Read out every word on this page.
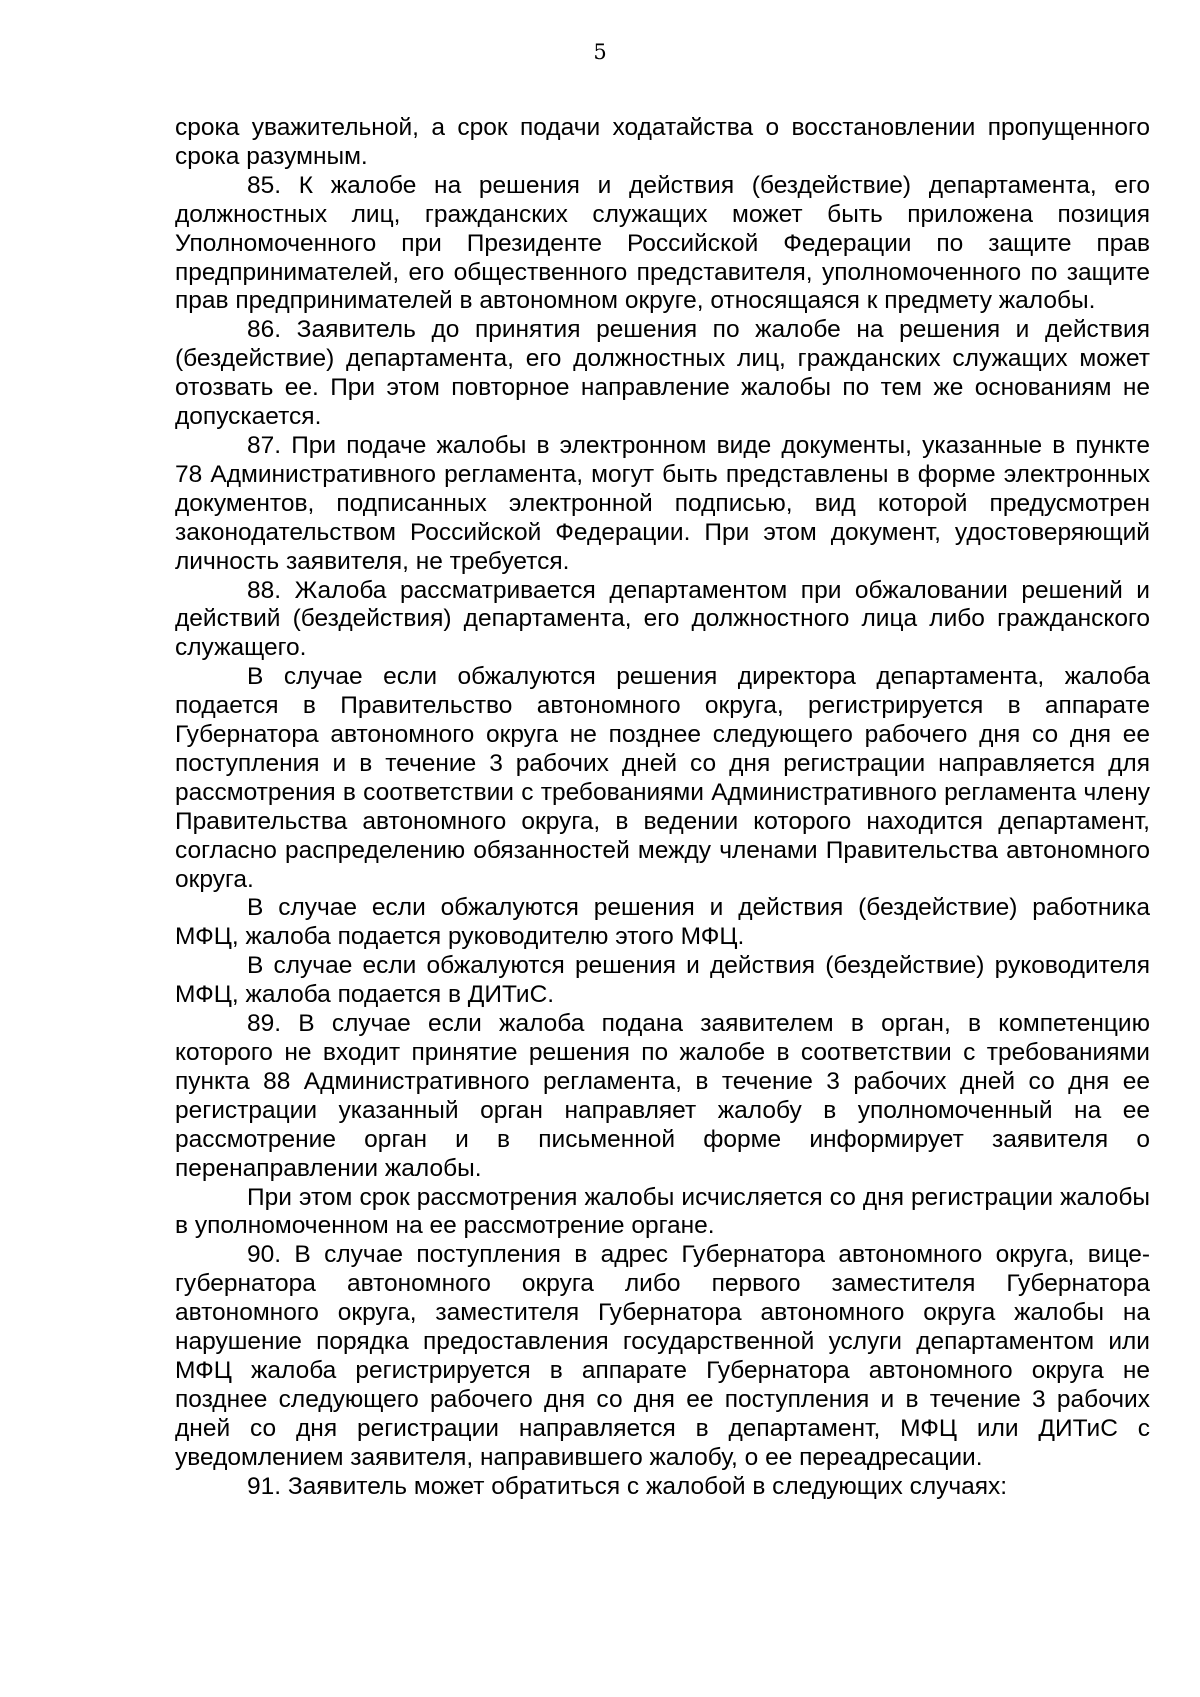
5

срока уважительной, а срок подачи ходатайства о восстановлении пропущенного срока разумным.

85. К жалобе на решения и действия (бездействие) департамента, его должностных лиц, гражданских служащих может быть приложена позиция Уполномоченного при Президенте Российской Федерации по защите прав предпринимателей, его общественного представителя, уполномоченного по защите прав предпринимателей в автономном округе, относящаяся к предмету жалобы.

86. Заявитель до принятия решения по жалобе на решения и действия (бездействие) департамента, его должностных лиц, гражданских служащих может отозвать ее. При этом повторное направление жалобы по тем же основаниям не допускается.

87. При подаче жалобы в электронном виде документы, указанные в пункте 78 Административного регламента, могут быть представлены в форме электронных документов, подписанных электронной подписью, вид которой предусмотрен законодательством Российской Федерации. При этом документ, удостоверяющий личность заявителя, не требуется.

88. Жалоба рассматривается департаментом при обжаловании решений и действий (бездействия) департамента, его должностного лица либо гражданского служащего.

В случае если обжалуются решения директора департамента, жалоба подается в Правительство автономного округа, регистрируется в аппарате Губернатора автономного округа не позднее следующего рабочего дня со дня ее поступления и в течение 3 рабочих дней со дня регистрации направляется для рассмотрения в соответствии с требованиями Административного регламента члену Правительства автономного округа, в ведении которого находится департамент, согласно распределению обязанностей между членами Правительства автономного округа.

В случае если обжалуются решения и действия (бездействие) работника МФЦ, жалоба подается руководителю этого МФЦ.

В случае если обжалуются решения и действия (бездействие) руководителя МФЦ, жалоба подается в ДИТиС.

89. В случае если жалоба подана заявителем в орган, в компетенцию которого не входит принятие решения по жалобе в соответствии с требованиями пункта 88 Административного регламента, в течение 3 рабочих дней со дня ее регистрации указанный орган направляет жалобу в уполномоченный на ее рассмотрение орган и в письменной форме информирует заявителя о перенаправлении жалобы.

При этом срок рассмотрения жалобы исчисляется со дня регистрации жалобы в уполномоченном на ее рассмотрение органе.

90. В случае поступления в адрес Губернатора автономного округа, вице-губернатора автономного округа либо первого заместителя Губернатора автономного округа, заместителя Губернатора автономного округа жалобы на нарушение порядка предоставления государственной услуги департаментом или МФЦ жалоба регистрируется в аппарате Губернатора автономного округа не позднее следующего рабочего дня со дня ее поступления и в течение 3 рабочих дней со дня регистрации направляется в департамент, МФЦ или ДИТиС с уведомлением заявителя, направившего жалобу, о ее переадресации.

91. Заявитель может обратиться с жалобой в следующих случаях:
